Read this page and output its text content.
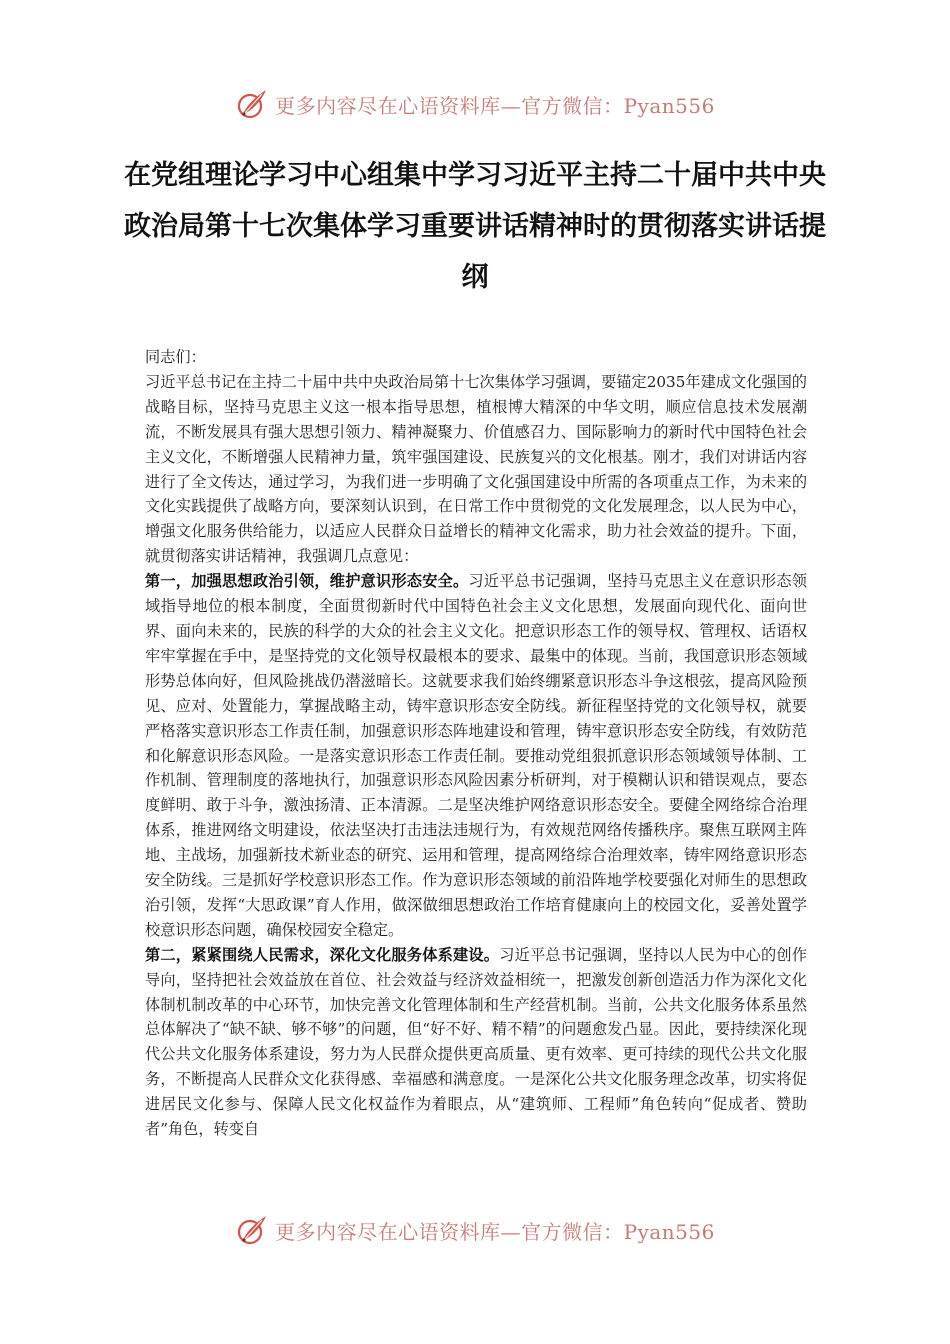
更多内容尽在心语资料库—官方微信：Pyan556
在党组理论学习中心组集中学习习近平主持二十届中共中央政治局第十七次集体学习重要讲话精神时的贯彻落实讲话提纲

同志们：

习近平总书记在主持二十届中共中央政治局第十七次集体学习强调，要锚定2035年建成文化强国的战略目标，坚持马克思主义这一根本指导思想，植根博大精深的中华文明，顺应信息技术发展潮流，不断发展具有强大思想引领力、精神凝聚力、价值感召力、国际影响力的新时代中国特色社会主义文化，不断增强人民精神力量，筑牢强国建设、民族复兴的文化根基。刚才，我们对讲话内容进行了全文传达，通过学习，为我们进一步明确了文化强国建设中所需的各项重点工作，为未来的文化实践提供了战略方向，要深刻认识到，在日常工作中贯彻党的文化发展理念，以人民为中心，增强文化服务供给能力，以适应人民群众日益增长的精神文化需求，助力社会效益的提升。下面，就贯彻落实讲话精神，我强调几点意见：

第一，加强思想政治引领，维护意识形态安全。习近平总书记强调，坚持马克思主义在意识形态领域指导地位的根本制度，全面贯彻新时代中国特色社会主义文化思想，发展面向现代化、面向世界、面向未来的，民族的科学的大众的社会主义文化。把意识形态工作的领导权、管理权、话语权牢牢掌握在手中，是坚持党的文化领导权最根本的要求、最集中的体现。当前，我国意识形态领域形势总体向好，但风险挑战仍潜滋暗长。这就要求我们始终绷紧意识形态斗争这根弦，提高风险预见、应对、处置能力，掌握战略主动，铸牢意识形态安全防线。新征程坚持党的文化领导权，就要严格落实意识形态工作责任制，加强意识形态阵地建设和管理，铸牢意识形态安全防线，有效防范和化解意识形态风险。一是落实意识形态工作责任制。要推动党组狠抓意识形态领域领导体制、工作机制、管理制度的落地执行，加强意识形态风险因素分析研判，对于模糊认识和错误观点，要态度鲜明、敢于斗争，激浊扬清、正本清源。二是坚决维护网络意识形态安全。要健全网络综合治理体系，推进网络文明建设，依法坚决打击违法违规行为，有效规范网络传播秩序。聚焦互联网主阵地、主战场，加强新技术新业态的研究、运用和管理，提高网络综合治理效率，铸牢网络意识形态安全防线。三是抓好学校意识形态工作。作为意识形态领域的前沿阵地学校要强化对师生的思想政治引领，发挥“大思政课”育人作用，做深做细思想政治工作培育健康向上的校园文化，妥善处置学校意识形态问题，确保校园安全稳定。

第二，紧紧围绕人民需求，深化文化服务体系建设。习近平总书记强调，坚持以人民为中心的创作导向，坚持把社会效益放在首位、社会效益与经济效益相统一，把激发创新创造活力作为深化文化体制机制改革的中心环节，加快完善文化管理体制和生产经营机制。当前，公共文化服务体系虽然总体解决了“缺不缺、够不够”的问题，但“好不好、精不精”的问题愈发凸显。因此，要持续深化现代公共文化服务体系建设，努力为人民群众提供更高质量、更有效率、更可持续的现代公共文化服务，不断提高人民群众文化获得感、幸福感和满意度。一是深化公共文化服务理念改革，切实将促进居民文化参与、保障人民文化权益作为着眼点，从“建筑师、工程师”角色转向“促成者、赞助者”角色，转变自

更多内容尽在心语资料库—官方微信：Pyan556
